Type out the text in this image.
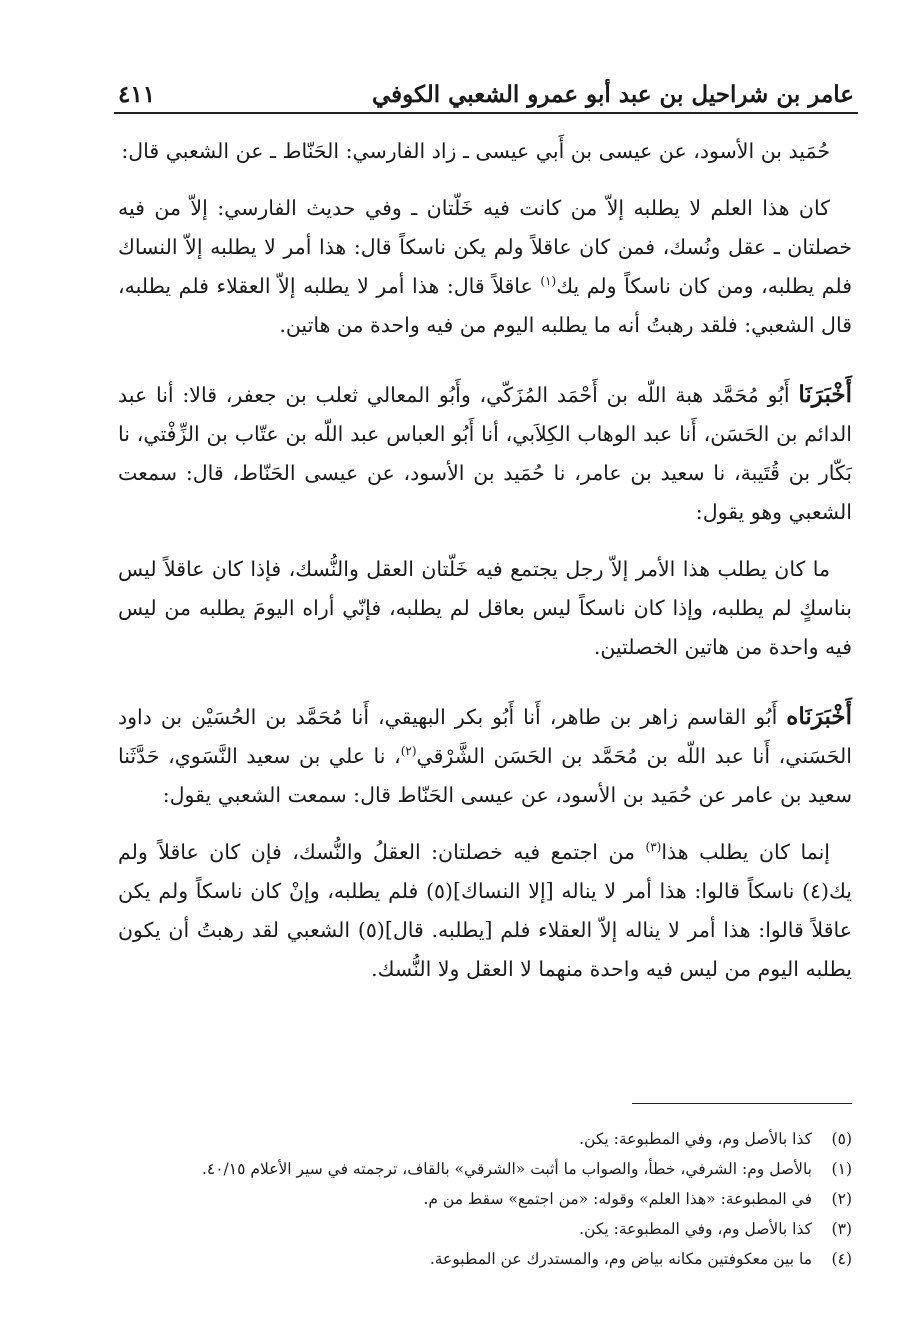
عامر بن شراحيل بن عبد أبو عمرو الشعبي الكوفي
٤١١

حُمَيد بن الأسود، عن عيسى بن أَبي عيسى ـ زاد الفارسي: الحَنّاط ـ عن الشعبي قال:

كان هذا العلم لا يطلبه إلاّ من كانت فيه خَلّتان ـ وفي حديث الفارسي: إلاّ من فيه خصلتان ـ عقل ونُسك، فمن كان عاقلاً ولم يكن ناسكاً قال: هذا أمر لا يطلبه إلاّ النساك فلم يطلبه، ومن كان ناسكاً ولم يك$^{(١)}$ عاقلاً قال: هذا أمر لا يطلبه إلاّ العقلاء فلم يطلبه، قال الشعبي: فلقد رهبتُ أنه ما يطلبه اليوم من فيه واحدة من هاتين.

أَخْبَرَنَا أَبُو مُحَمَّد هبة اللّه بن أَحْمَد المُزَكّي، وأَبُو المعالي ثعلب بن جعفر، قالا: أنا عبد الدائم بن الحَسَن، أَنا عبد الوهاب الكِلاَبي، أنا أَبُو العباس عبد اللّه بن عتّاب بن الزِّفْتي، نا بَكّار بن قُتَيبة، نا سعيد بن عامر، نا حُمَيد بن الأسود، عن عيسى الحَنّاط، قال: سمعت الشعبي وهو يقول:

ما كان يطلب هذا الأمر إلاّ رجل يجتمع فيه خَلّتان العقل والنُّسك، فإذا كان عاقلاً ليس بناسكٍ لم يطلبه، وإذا كان ناسكاً ليس بعاقل لم يطلبه، فإنّي أراه اليومَ يطلبه من ليس فيه واحدة من هاتين الخصلتين.

أَخْبَرَنَاه أَبُو القاسم زاهر بن طاهر، أَنا أَبُو بكر البهيقي، أَنا مُحَمَّد بن الحُسَيْن بن داود الحَسَني، أَنا عبد اللّه بن مُحَمَّد بن الحَسَن الشَّرْقي$^{(٢)}$، نا علي بن سعيد النَّسَوي، حَدَّثَنا سعيد بن عامر عن حُمَيد بن الأسود، عن عيسى الحَنّاط قال: سمعت الشعبي يقول:

إنما كان يطلب هذا$^{(٣)}$ من اجتمع فيه خصلتان: العقلُ والنُّسك، فإن كان عاقلاً ولم يك(٤) ناسكاً قالوا: هذا أمر لا يناله [إلا النساك](٥) فلم يطلبه، وإنْ كان ناسكاً ولم يكن عاقلاً قالوا: هذا أمر لا يناله إلاّ العقلاء فلم [يطلبه. قال](٥) الشعبي لقد رهبتُ أن يكون يطلبه اليوم من ليس فيه واحدة منهما لا العقل ولا النُّسك.

(٥)
كذا بالأصل وم، وفي المطبوعة: يكن.
(١)
بالأصل وم: الشرفي، خطأ، والصواب ما أثبت «الشرقي» بالقاف، ترجمته في سير الأعلام ٤٠/١٥.
(٢)
في المطبوعة: «هذا العلم» وقوله: «من اجتمع» سقط من م.
(٣)
كذا بالأصل وم، وفي المطبوعة: يكن.
(٤)
ما بين معكوفتين مكانه بياض وم، والمستدرك عن المطبوعة.
